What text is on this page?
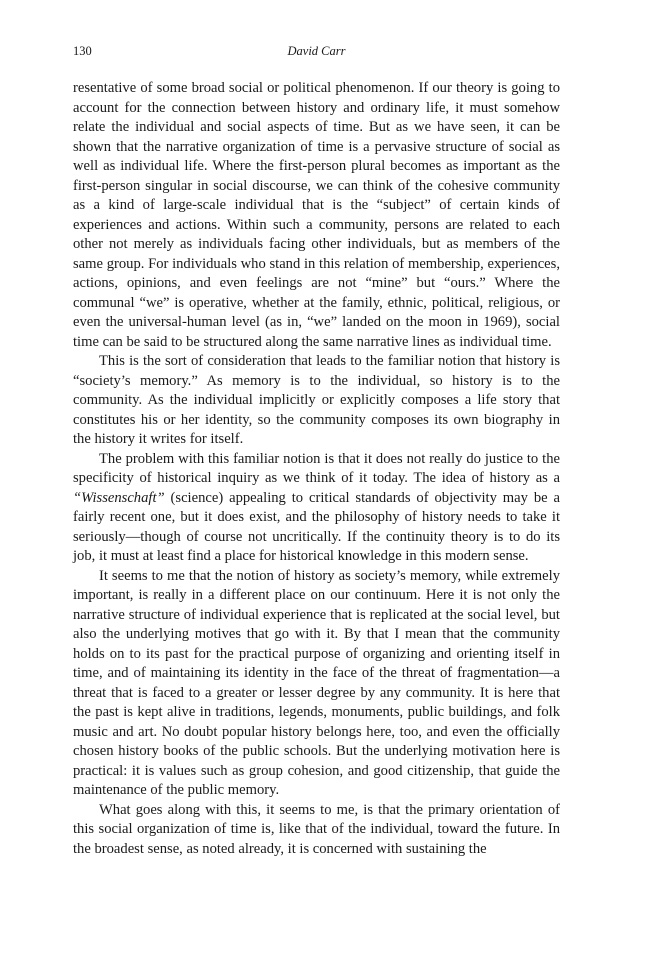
130	David Carr

resentative of some broad social or political phenomenon. If our theory is going to account for the connection between history and ordinary life, it must somehow relate the individual and social aspects of time. But as we have seen, it can be shown that the narrative organization of time is a pervasive structure of social as well as individual life. Where the first-person plural becomes as important as the first-person singular in social discourse, we can think of the cohesive community as a kind of large-scale individual that is the “subject” of certain kinds of experiences and actions. Within such a community, persons are related to each other not merely as individuals facing other individuals, but as members of the same group. For individuals who stand in this relation of membership, experiences, actions, opinions, and even feelings are not “mine” but “ours.” Where the communal “we” is operative, whether at the family, ethnic, political, religious, or even the universal-human level (as in, “we” landed on the moon in 1969), social time can be said to be structured along the same narrative lines as individual time.

This is the sort of consideration that leads to the familiar notion that history is “society’s memory.” As memory is to the individual, so history is to the community. As the individual implicitly or explicitly composes a life story that constitutes his or her identity, so the community composes its own biography in the history it writes for itself.

The problem with this familiar notion is that it does not really do justice to the specificity of historical inquiry as we think of it today. The idea of history as a “Wissenschaft” (science) appealing to critical standards of objectivity may be a fairly recent one, but it does exist, and the philosophy of history needs to take it seriously—though of course not uncritically. If the continuity theory is to do its job, it must at least find a place for historical knowledge in this modern sense.

It seems to me that the notion of history as society’s memory, while extremely important, is really in a different place on our continuum. Here it is not only the narrative structure of individual experience that is replicated at the social level, but also the underlying motives that go with it. By that I mean that the community holds on to its past for the practical purpose of organizing and orienting itself in time, and of maintaining its identity in the face of the threat of fragmentation—a threat that is faced to a greater or lesser degree by any community. It is here that the past is kept alive in traditions, legends, monuments, public buildings, and folk music and art. No doubt popular history belongs here, too, and even the officially chosen history books of the public schools. But the underlying motivation here is practical: it is values such as group cohesion, and good citizenship, that guide the maintenance of the public memory.

What goes along with this, it seems to me, is that the primary orientation of this social organization of time is, like that of the individual, toward the future. In the broadest sense, as noted already, it is concerned with sustaining the
